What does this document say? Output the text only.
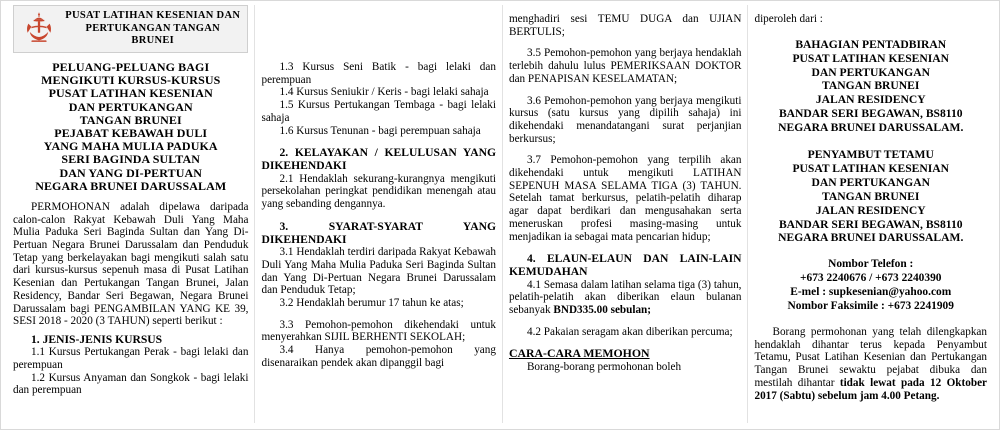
PUSAT LATIHAN KESENIAN DAN
PERTUKANGAN TANGAN BRUNEI
PELUANG-PELUANG BAGI
MENGIKUTI KURSUS-KURSUS
PUSAT LATIHAN KESENIAN
DAN PERTUKANGAN
TANGAN BRUNEI
PEJABAT KEBAWAH DULI
YANG MAHA MULIA PADUKA
SERI BAGINDA SULTAN
DAN YANG DI-PERTUAN
NEGARA BRUNEI DARUSSALAM

PERMOHONAN adalah dipelawa daripada calon-calon Rakyat Kebawah Duli Yang Maha Mulia Paduka Seri Baginda Sultan dan Yang Di-Pertuan Negara Brunei Darussalam dan Penduduk Tetap yang berkelayakan bagi mengikuti salah satu dari kursus-kursus sepenuh masa di Pusat Latihan Kesenian dan Pertukangan Tangan Brunei, Jalan Residency, Bandar Seri Begawan, Negara Brunei Darussalam bagi PENGAMBILAN YANG KE 39, SESI 2018 - 2020 (3 TAHUN) seperti berikut :

1. JENIS-JENIS KURSUS

1.1 Kursus Pertukangan Perak - bagi lelaki dan perempuan

1.2 Kursus Anyaman dan Songkok - bagi lelaki dan perempuan

1.3 Kursus Seni Batik - bagi lelaki dan perempuan

1.4 Kursus Seniukir / Keris - bagi lelaki sahaja

1.5 Kursus Pertukangan Tembaga - bagi lelaki sahaja

1.6 Kursus Tenunan - bagi perempuan sahaja

2. KELAYAKAN / KELULUSAN YANG DIKEHENDAKI

2.1 Hendaklah sekurang-kurangnya mengikuti persekolahan peringkat pendidikan menengah atau yang sebanding dengannya.

3. SYARAT-SYARAT YANG DIKEHENDAKI

3.1 Hendaklah terdiri daripada Rakyat Kebawah Duli Yang Maha Mulia Paduka Seri Baginda Sultan dan Yang Di-Pertuan Negara Brunei Darussalam dan Penduduk Tetap;

3.2 Hendaklah berumur 17 tahun ke atas;

3.3 Pemohon-pemohon dikehendaki untuk menyerahkan SIJIL BERHENTI SEKOLAH;

3.4 Hanya pemohon-pemohon yang disenaraikan pendek akan dipanggil bagi

menghadiri sesi TEMU DUGA dan UJIAN BERTULIS;

3.5 Pemohon-pemohon yang berjaya hendaklah terlebih dahulu lulus PEMERIKSAAN DOKTOR dan PENAPISAN KESELAMATAN;

3.6 Pemohon-pemohon yang berjaya mengikuti kursus (satu kursus yang dipilih sahaja) ini dikehendaki menandatangani surat perjanjian berkursus;

3.7 Pemohon-pemohon yang terpilih akan dikehendaki untuk mengikuti LATIHAN SEPENUH MASA SELAMA TIGA (3) TAHUN. Setelah tamat berkursus, pelatih-pelatih diharap agar dapat berdikari dan mengusahakan serta meneruskan profesi masing-masing untuk menjadikan ia sebagai mata pencarian hidup;

4. ELAUN-ELAUN DAN LAIN-LAIN KEMUDAHAN

4.1 Semasa dalam latihan selama tiga (3) tahun, pelatih-pelatih akan diberikan elaun bulanan sebanyak BND335.00 sebulan;

4.2 Pakaian seragam akan diberikan percuma;

CARA-CARA MEMOHON

Borang-borang permohonan boleh

diperoleh dari :

BAHAGIAN PENTADBIRAN
PUSAT LATIHAN KESENIAN
DAN PERTUKANGAN
TANGAN BRUNEI
JALAN RESIDENCY
BANDAR SERI BEGAWAN, BS8110
NEGARA BRUNEI DARUSSALAM.
PENYAMBUT TETAMU
PUSAT LATIHAN KESENIAN
DAN PERTUKANGAN
TANGAN BRUNEI
JALAN RESIDENCY
BANDAR SERI BEGAWAN, BS8110
NEGARA BRUNEI DARUSSALAM.
Nombor Telefon :
+673 2240676 / +673 2240390
E-mel : supkesenian@yahoo.com
Nombor Faksimile : +673 2241909

Borang permohonan yang telah dilengkapkan hendaklah dihantar terus kepada Penyambut Tetamu, Pusat Latihan Kesenian dan Pertukangan Tangan Brunei sewaktu pejabat dibuka dan mestilah dihantar tidak lewat pada 12 Oktober 2017 (Sabtu) sebelum jam 4.00 Petang.
